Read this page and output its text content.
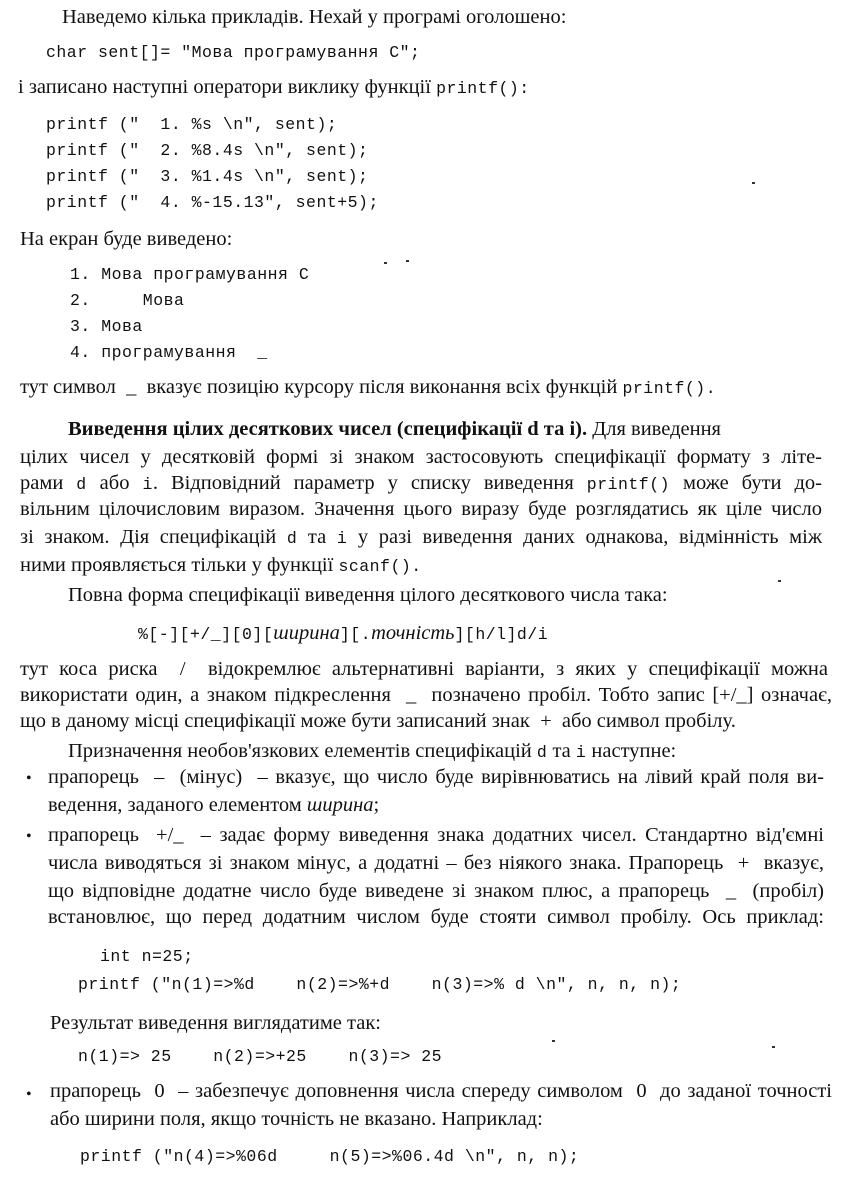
Наведемо кілька прикладів. Нехай у програмі оголошено:
char sent[]= "Мова програмування С";
і записано наступні оператори виклику функції printf():
printf ("  1. %s \n", sent);
printf ("  2. %8.4s \n", sent);
printf ("  3. %1.4s \n", sent);
printf ("  4. %-15.13", sent+5);
На екран буде виведено:
1. Мова програмування С
2.     Мова
3. Мова
4. програмування  _
тут символ  _  вказує позицію курсору після виконання всіх функцій printf().
Виведення цілих десяткових чисел (специфікації d та i). Для виведення
цілих чисел у десятковій формі зі знаком застосовують специфікації формату з літе-
рами d або i. Відповідний параметр у списку виведення printf() може бути до-
вільним цілочисловим виразом. Значення цього виразу буде розглядатись як ціле число
зі знаком. Дія специфікацій d та i у разі виведення даних однакова, відмінність між
ними проявляється тільки у функції scanf().
Повна форма специфікації виведення цілого десяткового числа така:
%[-][+/_][0][ширина][.точність][h/l]d/i
тут коса риска  /  відокремлює альтернативні варіанти, з яких у специфікації можна
використати один, а знаком підкреслення  _  позначено пробіл. Тобто запис [+/_] означає,
що в даному місці специфікації може бути записаний знак  +  або символ пробілу.
Призначення необов'язкових елементів специфікацій d та i наступне:
•
прапорець  –  (мінус)  – вказує, що число буде вирівнюватись на лівий край поля ви-
ведення, заданого елементом ширина;
•
прапорець  +/_  – задає форму виведення знака додатних чисел. Стандартно від'ємні
числа виводяться зі знаком мінус, а додатні – без ніякого знака. Прапорець  +  вказує,
що відповідне додатне число буде виведене зі знаком плюс, а прапорець  _  (пробіл)
встановлює, що перед додатним числом буде стояти символ пробілу. Ось приклад:
int n=25;
printf ("n(1)=>%d    n(2)=>%+d    n(3)=>% d \n", n, n, n);
Результат виведення виглядатиме так:
n(1)=> 25    n(2)=>+25    n(3)=> 25
•
прапорець  0  – забезпечує доповнення числа спереду символом  0  до заданої точності
або ширини поля, якщо точність не вказано. Наприклад:
printf ("n(4)=>%06d     n(5)=>%06.4d \n", n, n);
